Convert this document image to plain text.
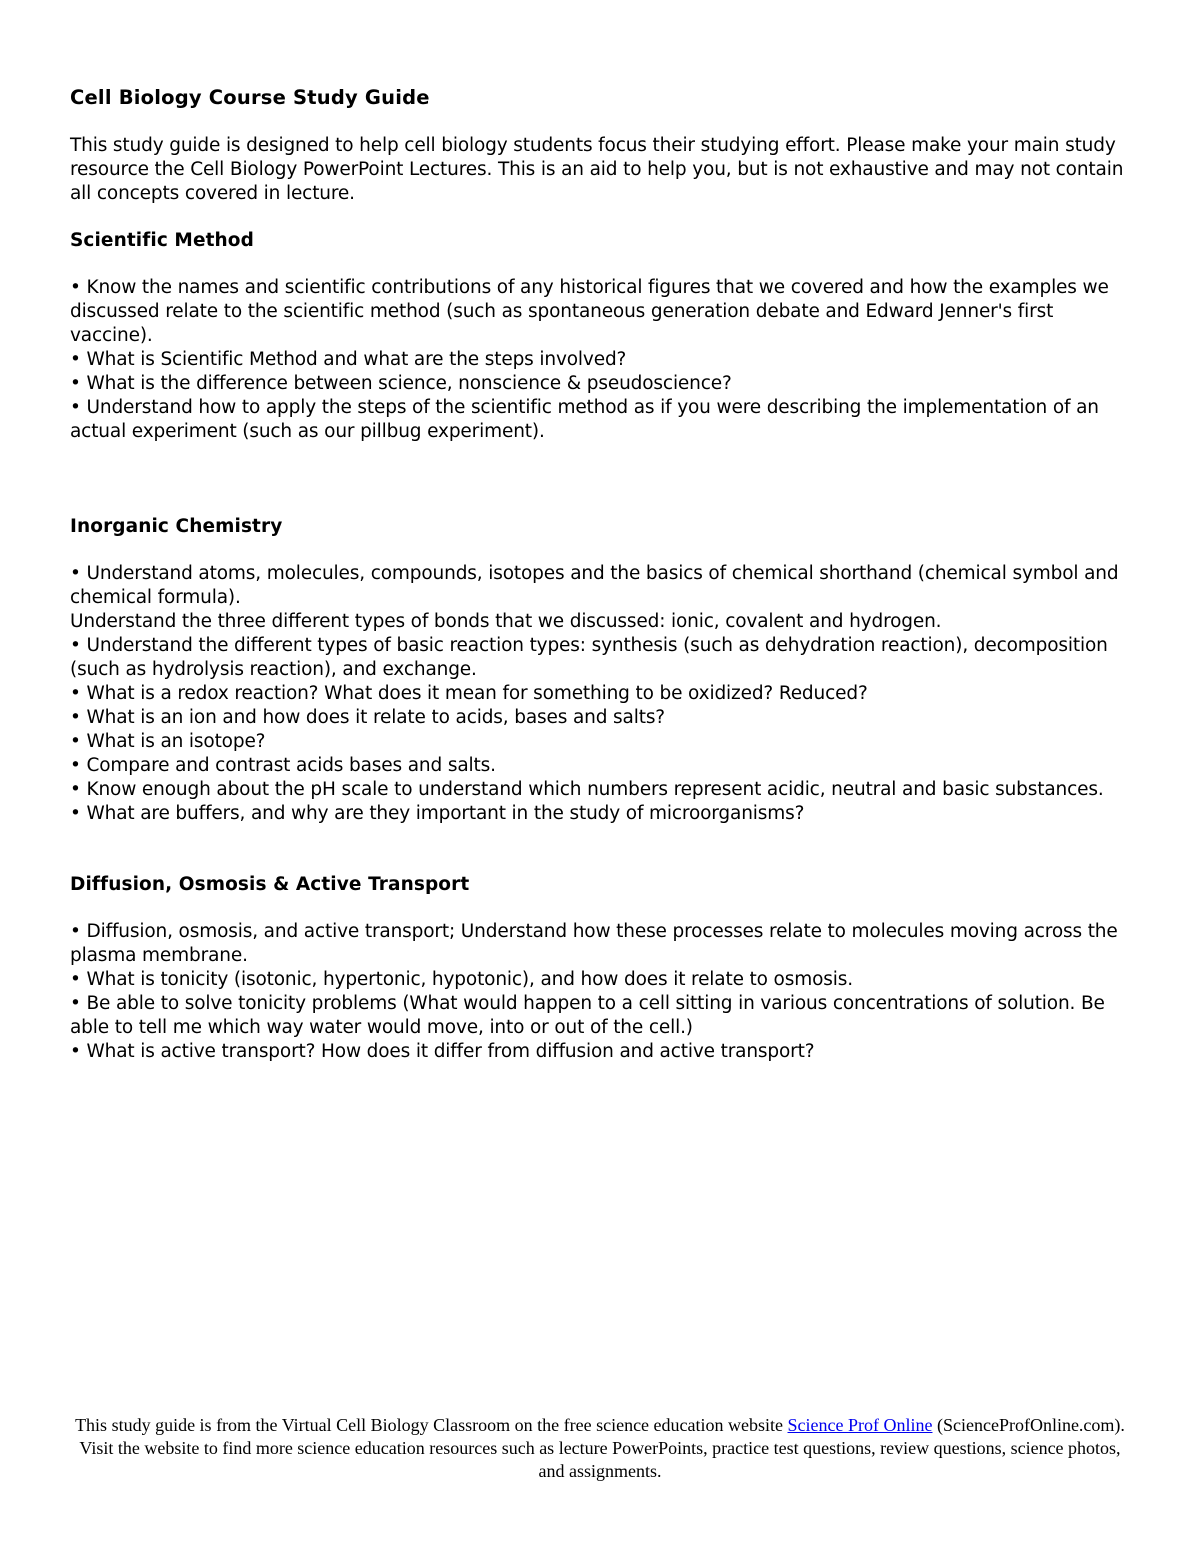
Cell Biology Course Study Guide
This study guide is designed to help cell biology students focus their studying effort. Please make your main study resource the Cell Biology PowerPoint Lectures. This is an aid to help you, but is not exhaustive and may not contain all concepts covered in lecture.
Scientific Method
• Know the names and scientific contributions of any historical figures that we covered and how the examples we discussed relate to the scientific method (such as spontaneous generation debate and Edward Jenner's first vaccine).
• What is Scientific Method and what are the steps involved?
• What is the difference between science, nonscience & pseudoscience?
• Understand how to apply the steps of the scientific method as if you were describing the implementation of an actual experiment (such as our pillbug experiment).
Inorganic Chemistry
• Understand atoms, molecules, compounds, isotopes and the basics of chemical shorthand (chemical symbol and chemical formula).
Understand the three different types of bonds that we discussed: ionic, covalent and hydrogen.
• Understand the different types of basic reaction types: synthesis (such as dehydration reaction), decomposition (such as hydrolysis reaction), and exchange.
• What is a redox reaction? What does it mean for something to be oxidized? Reduced?
• What is an ion and how does it relate to acids, bases and salts?
• What is an isotope?
• Compare and contrast acids bases and salts.
• Know enough about the pH scale to understand which numbers represent acidic, neutral and basic substances.
• What are buffers, and why are they important in the study of microorganisms?
Diffusion, Osmosis & Active Transport
• Diffusion, osmosis, and active transport; Understand how these processes relate to molecules moving across the plasma membrane.
• What is tonicity (isotonic, hypertonic, hypotonic), and how does it relate to osmosis.
• Be able to solve tonicity problems (What would happen to a cell sitting in various concentrations of solution. Be able to tell me which way water would move, into or out of the cell.)
• What is active transport? How does it differ from diffusion and active transport?
This study guide is from the Virtual Cell Biology Classroom on the free science education website Science Prof Online (ScienceProfOnline.com). Visit the website to find more science education resources such as lecture PowerPoints, practice test questions, review questions, science photos, and assignments.
